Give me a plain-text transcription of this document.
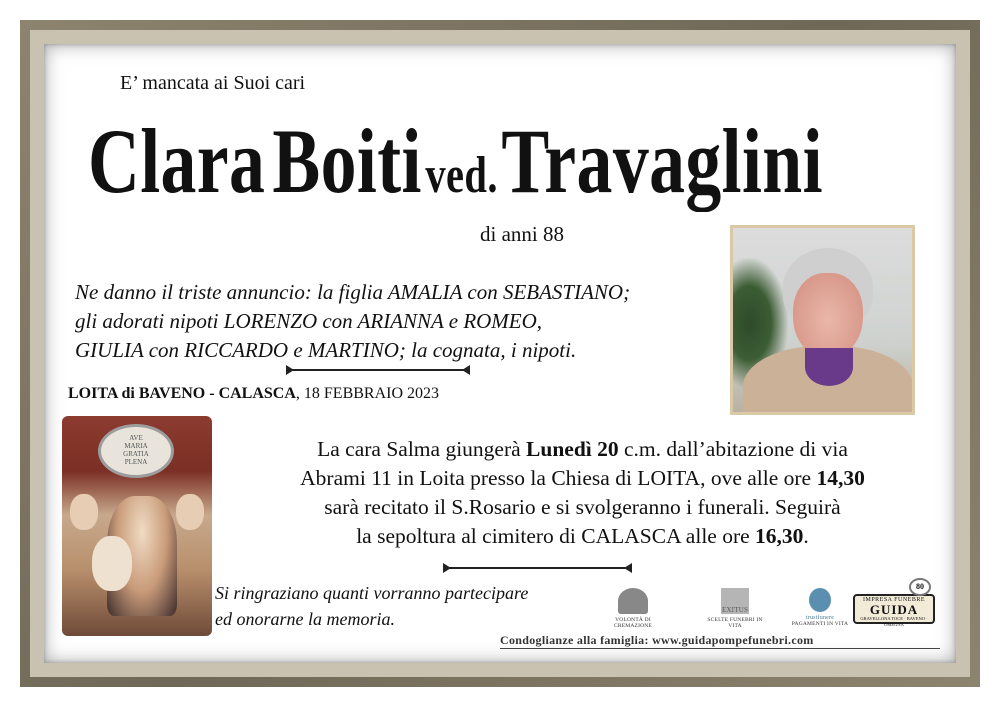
E’ mancata ai Suoi cari
Clara  Boiti ved. Travaglini
di anni 88
Ne danno il triste annuncio: la figlia AMALIA con SEBASTIANO;
gli adorati nipoti LORENZO con ARIANNA e ROMEO,
GIULIA con RICCARDO e MARTINO; la cognata, i nipoti.
LOITA di BAVENO - CALASCA, 18 FEBBRAIO 2023
AVE
MARIA
GRATIA
PLENA
La cara Salma giungerà Lunedì 20 c.m. dall’abitazione di via
Abrami 11 in Loita presso la Chiesa di LOITA, ove alle ore 14,30
sarà recitato il S.Rosario e si svolgeranno i funerali. Seguirà
la sepoltura al cimitero di CALASCA alle ore 16,30.
Si ringraziano quanti vorranno partecipare
ed onorarne la memoria.	VOLONTÀ DI CREMAZIONE
EXITUS
SCELTE FUNEBRI IN VITA
trustfunere
PAGAMENTI IN VITA
IMPRESA FUNEBRE
GUIDA
GRAVELLONA TOCE · BAVENO · OMEGNA
80
Condoglianze alla famiglia: www.guidapompefunebri.com
